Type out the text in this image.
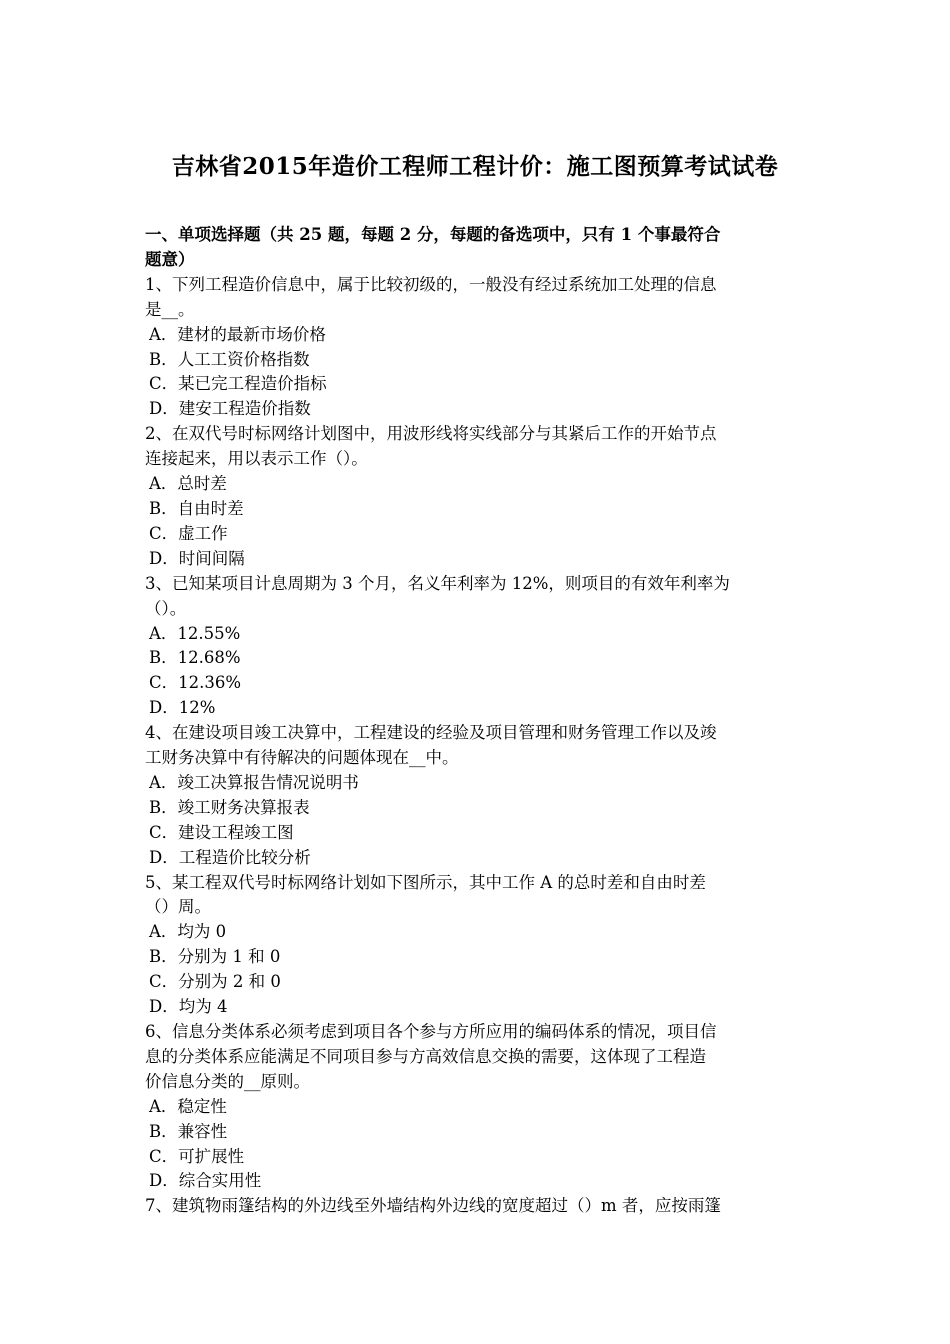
吉林省2015年造价工程师工程计价：施工图预算考试试卷
一、单项选择题（共 25 题，每题 2 分，每题的备选项中，只有 1 个事最符合
题意）
1、下列工程造价信息中，属于比较初级的，一般没有经过系统加工处理的信息
是__。
A．建材的最新市场价格
B．人工工资价格指数
C．某已完工程造价指标
D．建安工程造价指数
2、在双代号时标网络计划图中，用波形线将实线部分与其紧后工作的开始节点
连接起来，用以表示工作（）。
A．总时差
B．自由时差
C．虚工作
D．时间间隔
3、已知某项目计息周期为 3 个月，名义年利率为 12%，则项目的有效年利率为
（）。
A．12.55%
B．12.68%
C．12.36%
D．12%
4、在建设项目竣工决算中，工程建设的经验及项目管理和财务管理工作以及竣
工财务决算中有待解决的问题体现在__中。
A．竣工决算报告情况说明书
B．竣工财务决算报表
C．建设工程竣工图
D．工程造价比较分析
5、某工程双代号时标网络计划如下图所示，其中工作 A 的总时差和自由时差
（）周。
A．均为 0
B．分别为 1 和 0
C．分别为 2 和 0
D．均为 4
6、信息分类体系必须考虑到项目各个参与方所应用的编码体系的情况，项目信
息的分类体系应能满足不同项目参与方高效信息交换的需要，这体现了工程造
价信息分类的__原则。
A．稳定性
B．兼容性
C．可扩展性
D．综合实用性
7、建筑物雨篷结构的外边线至外墙结构外边线的宽度超过（）m 者，应按雨篷
